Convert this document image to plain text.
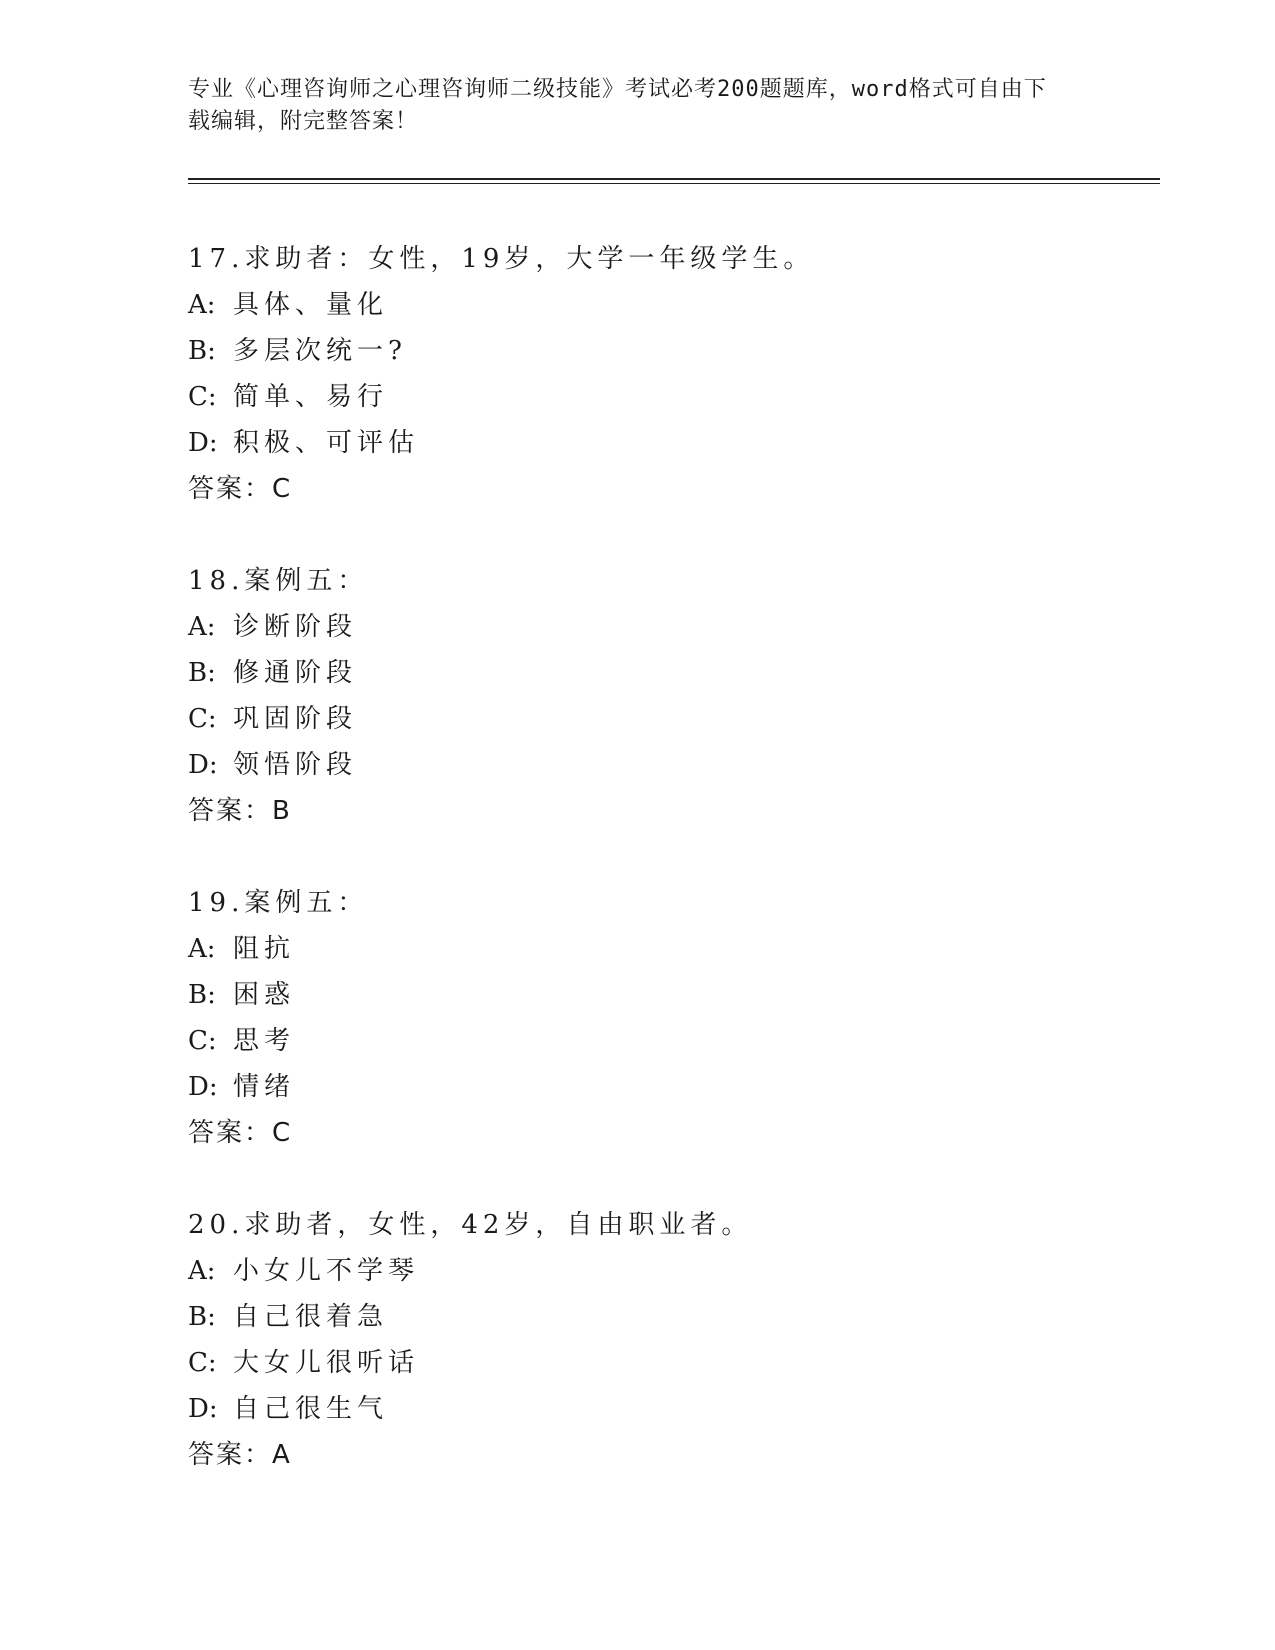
专业《心理咨询师之心理咨询师二级技能》考试必考200题题库，word格式可自由下载编辑，附完整答案！
17.求助者：女性，19岁，大学一年级学生。
A: 具体、量化
B: 多层次统一?
C: 简单、易行
D: 积极、可评估
答案：C
18.案例五：
A: 诊断阶段
B: 修通阶段
C: 巩固阶段
D: 领悟阶段
答案：B
19.案例五：
A: 阻抗
B: 困惑
C: 思考
D: 情绪
答案：C
20.求助者，女性，42岁，自由职业者。
A: 小女儿不学琴
B: 自己很着急
C: 大女儿很听话
D: 自己很生气
答案：A
